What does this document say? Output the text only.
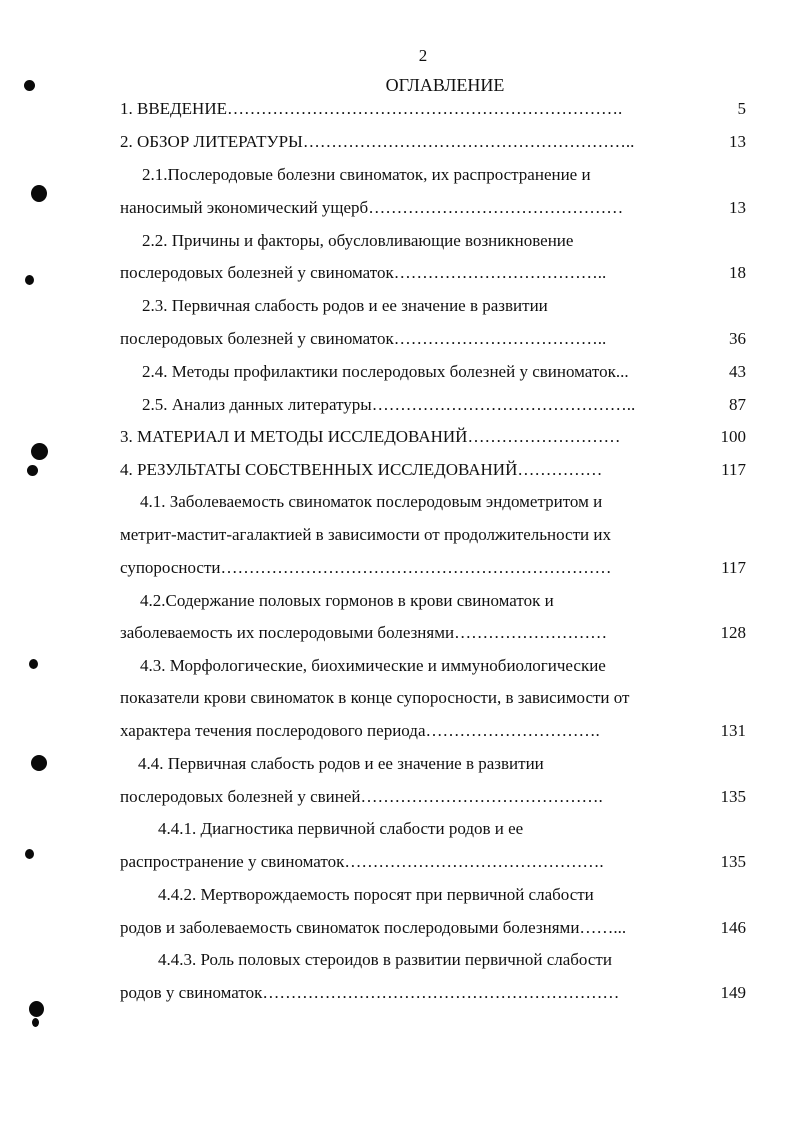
2
ОГЛАВЛЕНИЕ
1. ВВЕДЕНИЕ…………………………………………………………….	5
2. ОБЗОР ЛИТЕРАТУРЫ…………………………………………………..	13
2.1.Послеродовые болезни свиноматок, их распространение и
наносимый экономический ущерб………………………………………	13
2.2. Причины и факторы, обусловливающие возникновение
послеродовых болезней у свиноматок………………………………..	18
2.3. Первичная слабость родов и ее значение в развитии
послеродовых болезней у свиноматок………………………………..	36
2.4. Методы профилактики послеродовых болезней у свиноматок...	43
2.5. Анализ данных литературы………………………………………..	87
3. МАТЕРИАЛ И МЕТОДЫ ИССЛЕДОВАНИЙ………………………	100
4. РЕЗУЛЬТАТЫ СОБСТВЕННЫХ ИССЛЕДОВАНИЙ……………	117
4.1. Заболеваемость свиноматок послеродовым эндометритом и
метрит-мастит-агалактией в зависимости от продолжительности их
супоросности……………………………………………………………	117
4.2.Содержание половых гормонов в крови свиноматок и
заболеваемость их послеродовыми болезнями………………………	128
4.3. Морфологические, биохимические и иммунобиологические
показатели крови свиноматок в конце супоросности, в зависимости от
характера течения послеродового периода………………………….	131
4.4. Первичная слабость родов и ее значение в развитии
послеродовых болезней у свиней…………………………………….	135
4.4.1. Диагностика первичной слабости родов и ее
распространение у свиноматок……………………………………….	135
4.4.2. Мертворождаемость поросят при первичной слабости
родов и заболеваемость свиноматок послеродовыми болезнями……...	146
4.4.3. Роль половых стероидов в развитии первичной слабости
родов у свиноматок………………………………………………………	149
